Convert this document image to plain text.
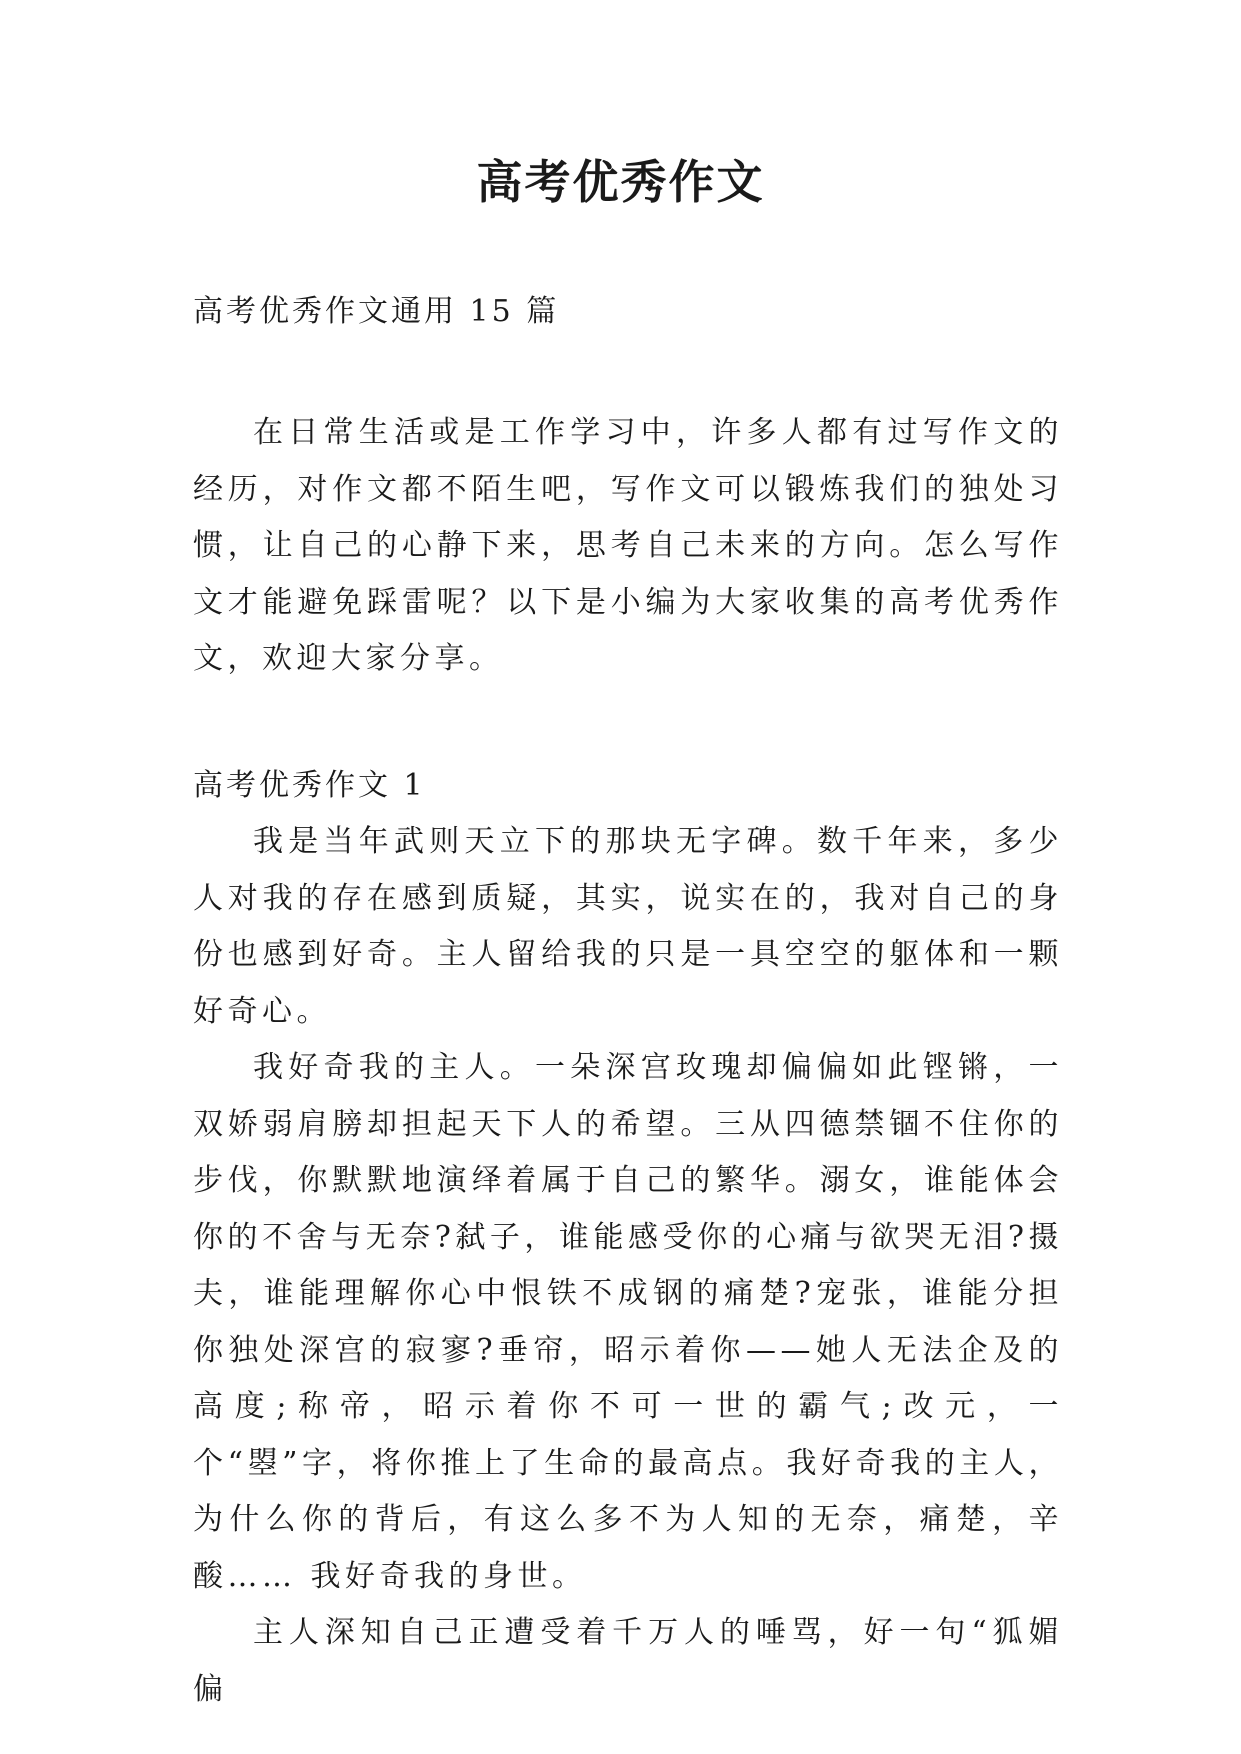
高考优秀作文

高考优秀作文通用 15 篇

在日常生活或是工作学习中，许多人都有过写作文的经历，对作文都不陌生吧，写作文可以锻炼我们的独处习惯，让自己的心静下来，思考自己未来的方向。怎么写作文才能避免踩雷呢？以下是小编为大家收集的高考优秀作文，欢迎大家分享。

高考优秀作文 1

我是当年武则天立下的那块无字碑。数千年来，多少人对我的存在感到质疑，其实，说实在的，我对自己的身份也感到好奇。主人留给我的只是一具空空的躯体和一颗好奇心。

我好奇我的主人。一朵深宫玫瑰却偏偏如此铿锵，一双娇弱肩膀却担起天下人的希望。三从四德禁锢不住你的步伐，你默默地演绎着属于自己的繁华。溺女，谁能体会你的不舍与无奈?弑子，谁能感受你的心痛与欲哭无泪?摄夫，谁能理解你心中恨铁不成钢的痛楚?宠张，谁能分担你独处深宫的寂寥?垂帘，昭示着你——她人无法企及的高度;称帝，昭示着你不可一世的霸气;改元，一个“曌”字，将你推上了生命的最高点。我好奇我的主人，为什么你的背后，有这么多不为人知的无奈，痛楚，辛酸…… 我好奇我的身世。

主人深知自己正遭受着千万人的唾骂，好一句“狐媚偏
